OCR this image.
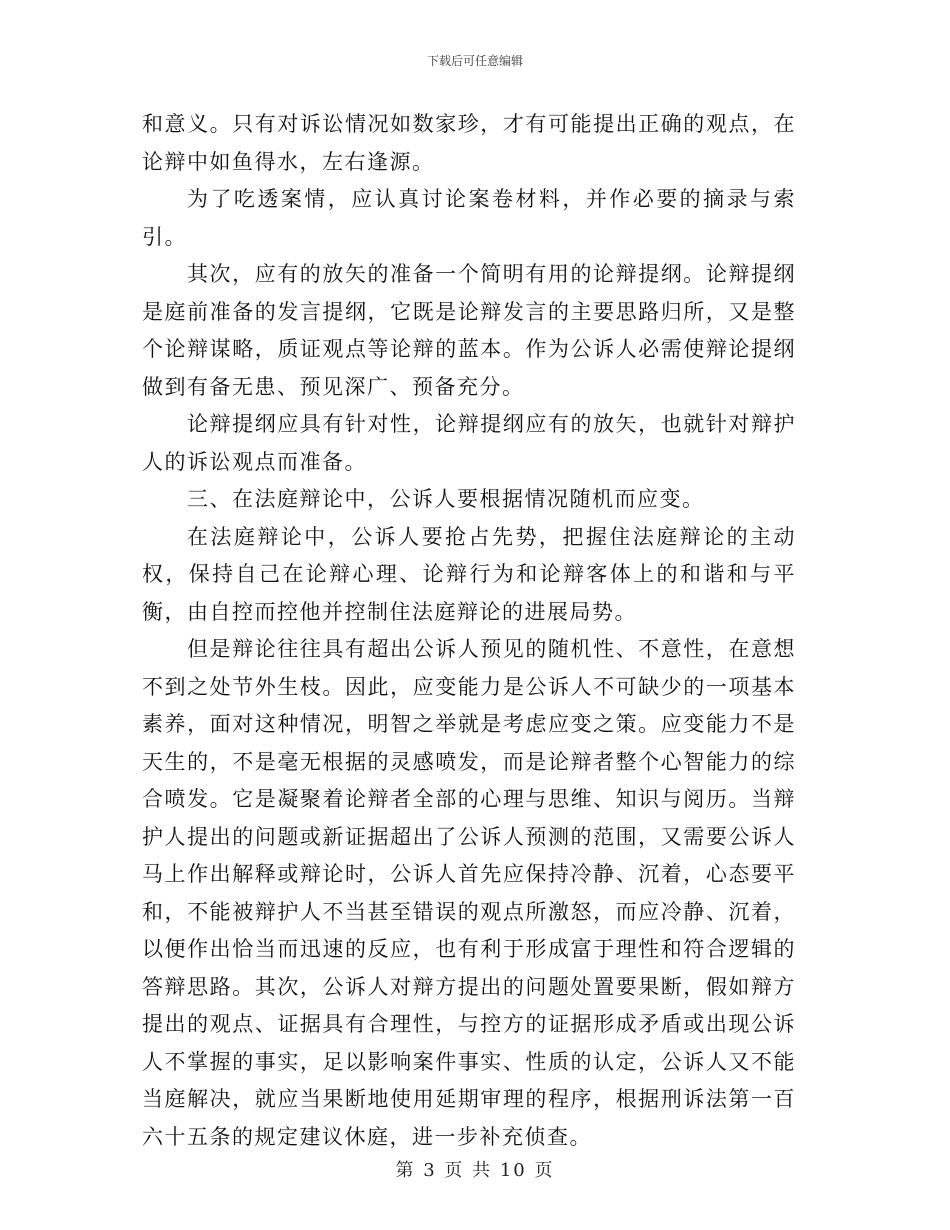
下载后可任意编辑

和意义。只有对诉讼情况如数家珍，才有可能提出正确的观点，在论辩中如鱼得水，左右逢源。

为了吃透案情，应认真讨论案卷材料，并作必要的摘录与索引。

其次，应有的放矢的准备一个简明有用的论辩提纲。论辩提纲是庭前准备的发言提纲，它既是论辩发言的主要思路归所，又是整个论辩谋略，质证观点等论辩的蓝本。作为公诉人必需使辩论提纲做到有备无患、预见深广、预备充分。

论辩提纲应具有针对性，论辩提纲应有的放矢，也就针对辩护人的诉讼观点而准备。

三、在法庭辩论中，公诉人要根据情况随机而应变。

在法庭辩论中，公诉人要抢占先势，把握住法庭辩论的主动权，保持自己在论辩心理、论辩行为和论辩客体上的和谐和与平衡，由自控而控他并控制住法庭辩论的进展局势。

但是辩论往往具有超出公诉人预见的随机性、不意性，在意想不到之处节外生枝。因此，应变能力是公诉人不可缺少的一项基本素养，面对这种情况，明智之举就是考虑应变之策。应变能力不是天生的，不是毫无根据的灵感喷发，而是论辩者整个心智能力的综合喷发。它是凝聚着论辩者全部的心理与思维、知识与阅历。当辩护人提出的问题或新证据超出了公诉人预测的范围，又需要公诉人马上作出解释或辩论时，公诉人首先应保持冷静、沉着，心态要平和，不能被辩护人不当甚至错误的观点所激怒，而应冷静、沉着，以便作出恰当而迅速的反应，也有利于形成富于理性和符合逻辑的答辩思路。其次，公诉人对辩方提出的问题处置要果断，假如辩方提出的观点、证据具有合理性，与控方的证据形成矛盾或出现公诉人不掌握的事实，足以影响案件事实、性质的认定，公诉人又不能当庭解决，就应当果断地使用延期审理的程序，根据刑诉法第一百六十五条的规定建议休庭，进一步补充侦查。

第 3 页 共 10 页
